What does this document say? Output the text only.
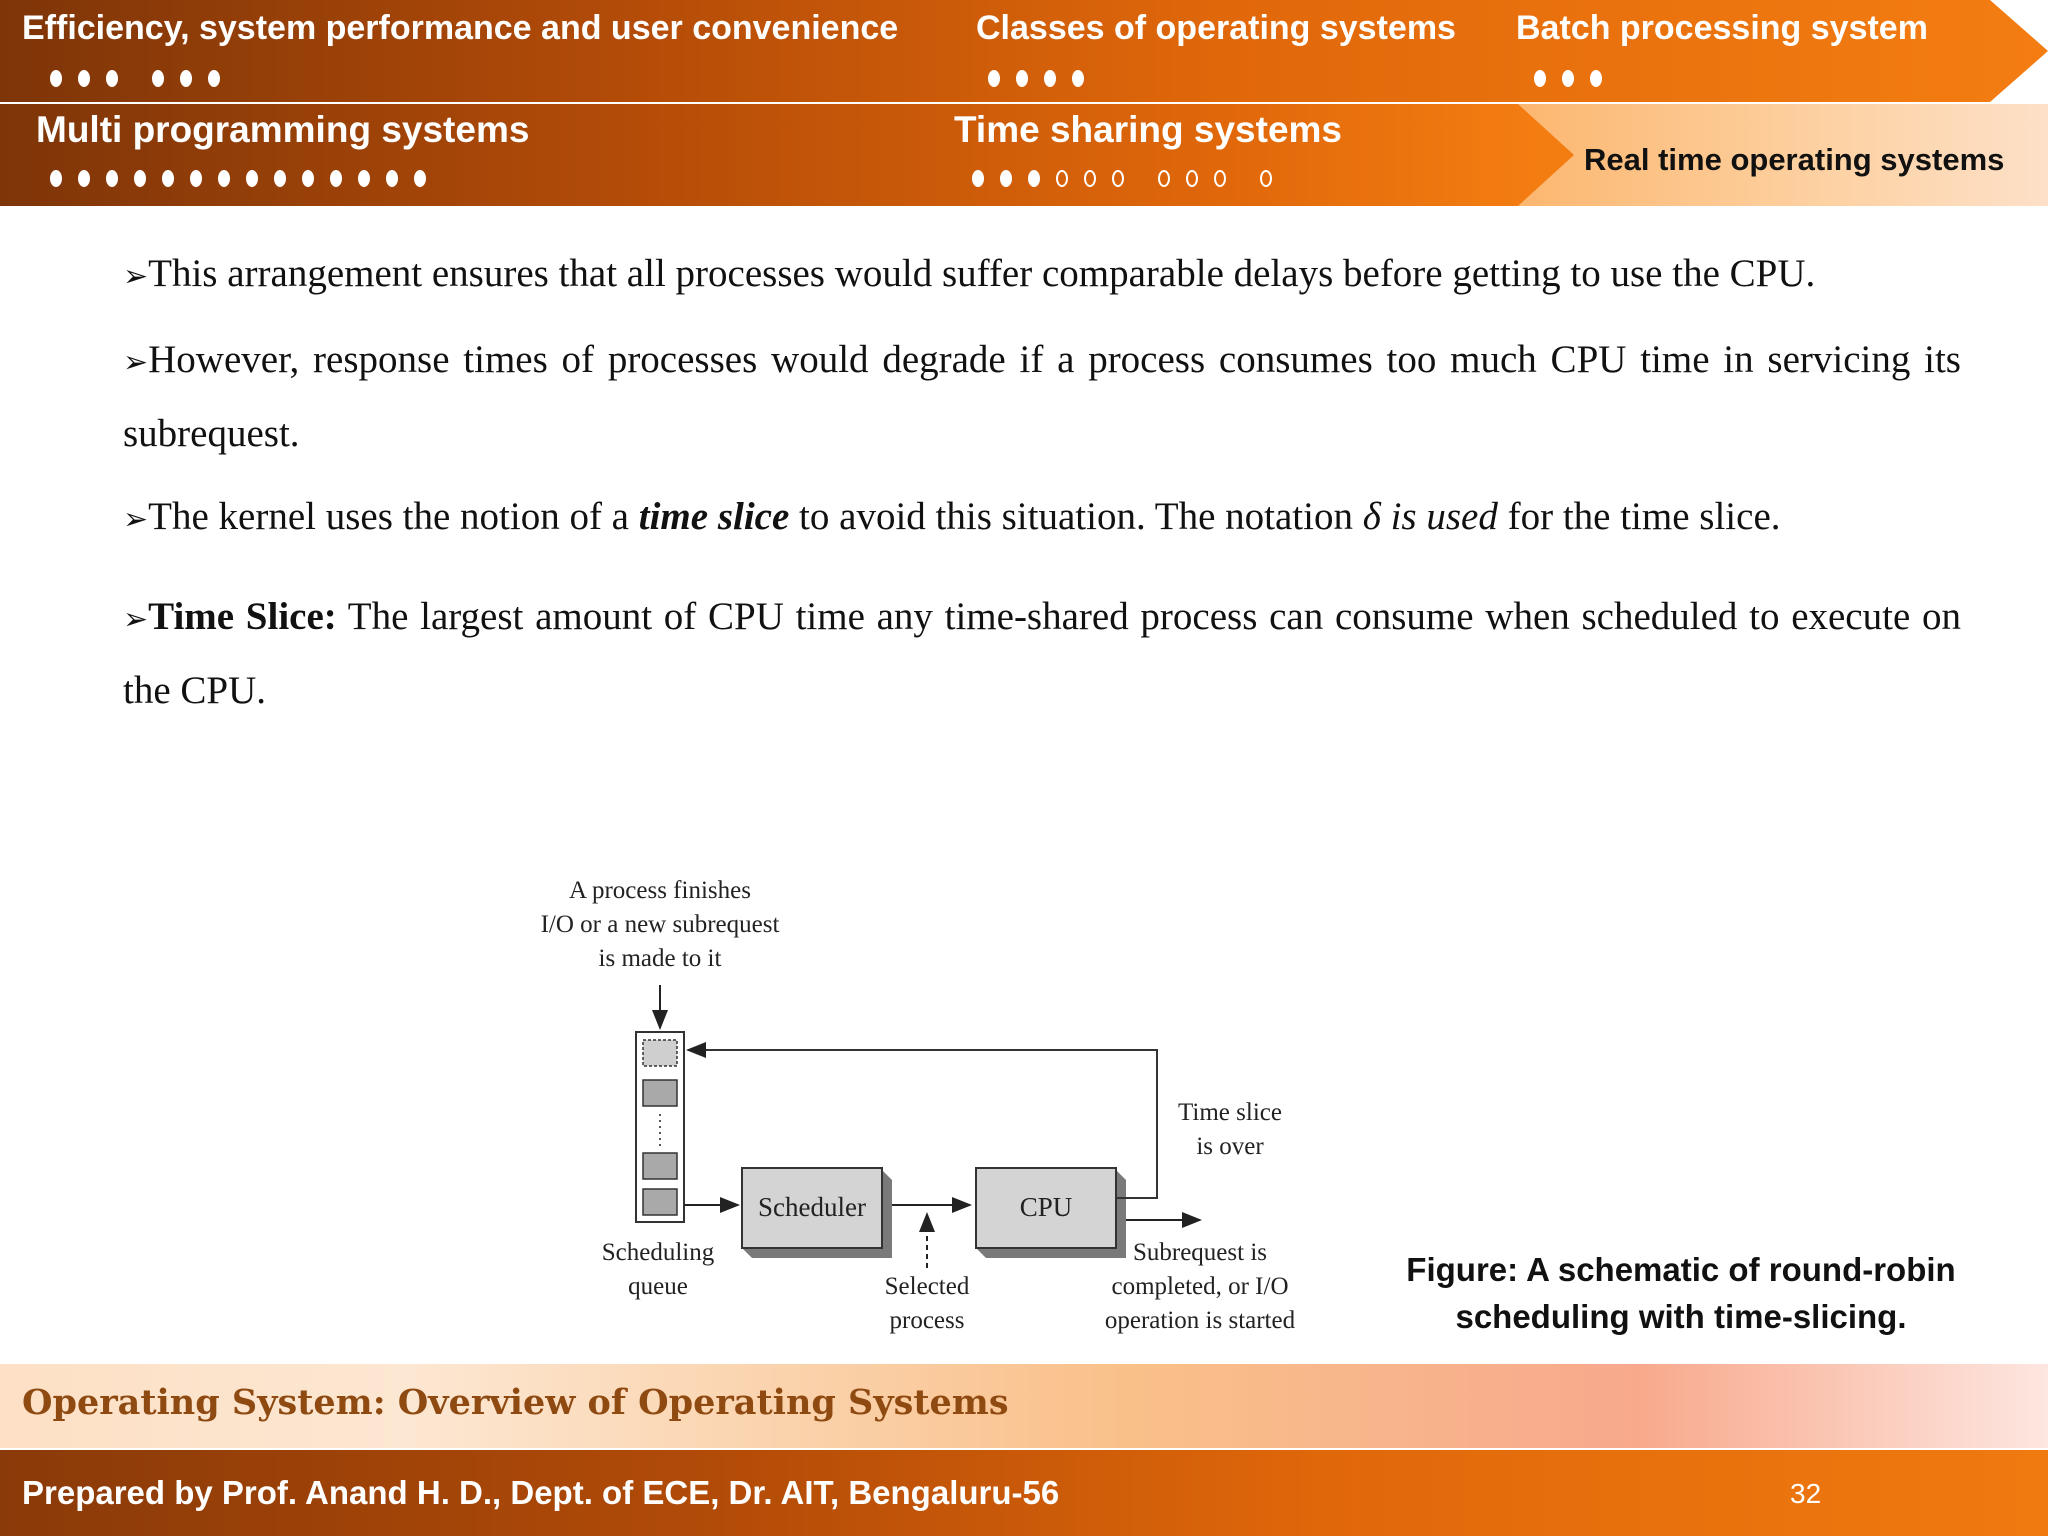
Efficiency, system performance and user convenience Classes of operating systems Batch processing system
Multi programming systems	Time sharing systems
Real time operating systems

➢This arrangement ensures that all processes would suffer comparable delays before getting to use the CPU.

➢However, response times of processes would degrade if a process consumes too much CPU time in servicing its subrequest.

➢The kernel uses the notion of a time slice to avoid this situation. The notation δ is used for the time slice.

➢Time Slice: The largest amount of CPU time any time-shared process can consume when scheduled to execute on the CPU.

A process finishes
I/O or a new subrequest
is made to it
Scheduler	CPU
Time slice
is over
Scheduling
queue	Selected
process
Subrequest is
completed, or I/O
operation is started
Figure: A schematic of round-robin scheduling with time-slicing.
Operating System: Overview of Operating Systems
Prepared by Prof. Anand H. D., Dept. of ECE, Dr. AIT, Bengaluru-56	32
